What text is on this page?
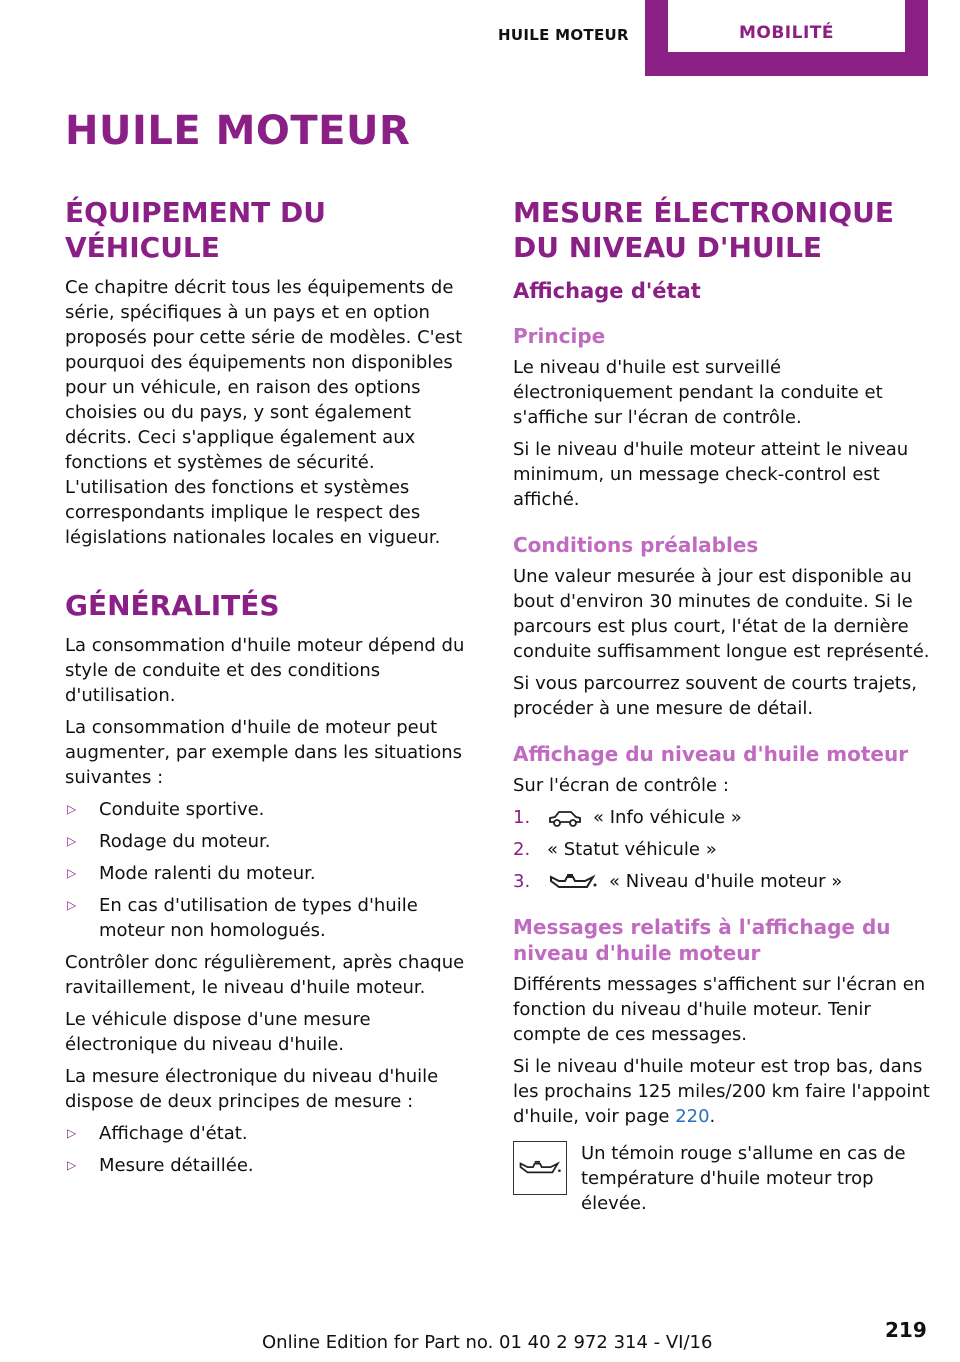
HUILE MOTEUR	MOBILITÉ
HUILE MOTEUR
ÉQUIPEMENT DU VÉHICULE

Ce chapitre décrit tous les équipements de série, spécifiques à un pays et en option proposés pour cette série de modèles. C'est pourquoi des équipements non disponibles pour un véhicule, en raison des options choisies ou du pays, y sont également décrits. Ceci s'applique également aux fonctions et systèmes de sécurité. L'utilisation des fonctions et systèmes correspondants implique le respect des législations nationales locales en vigueur.

GÉNÉRALITÉS

La consommation d'huile moteur dépend du style de conduite et des conditions d'utilisation.

La consommation d'huile de moteur peut augmenter, par exemple dans les situations suivantes :

▷ Conduite sportive.
▷ Rodage du moteur.
▷ Mode ralenti du moteur.
▷ En cas d'utilisation de types d'huile moteur non homologués.

Contrôler donc régulièrement, après chaque ravitaillement, le niveau d'huile moteur.

Le véhicule dispose d'une mesure électronique du niveau d'huile.

La mesure électronique du niveau d'huile dispose de deux principes de mesure :

▷ Affichage d'état.
▷ Mesure détaillée.
MESURE ÉLECTRONIQUE DU NIVEAU D'HUILE
Affichage d'état
Principe

Le niveau d'huile est surveillé électroniquement pendant la conduite et s'affiche sur l'écran de contrôle.

Si le niveau d'huile moteur atteint le niveau minimum, un message check-control est affiché.

Conditions préalables

Une valeur mesurée à jour est disponible au bout d'environ 30 minutes de conduite. Si le parcours est plus court, l'état de la dernière conduite suffisamment longue est représenté.

Si vous parcourrez souvent de courts trajets, procéder à une mesure de détail.

Affichage du niveau d'huile moteur

Sur l'écran de contrôle :

1.	« Info véhicule »
2. « Statut véhicule »
3.	« Niveau d'huile moteur »
Messages relatifs à l'affichage du niveau d'huile moteur

Différents messages s'affichent sur l'écran en fonction du niveau d'huile moteur. Tenir compte de ces messages.

Si le niveau d'huile moteur est trop bas, dans les prochains 125 miles/200 km faire l'appoint d'huile, voir page 220.

Un témoin rouge s'allume en cas de température d'huile moteur trop élevée.

Online Edition for Part no. 01 40 2 972 314 - VI/16
219
